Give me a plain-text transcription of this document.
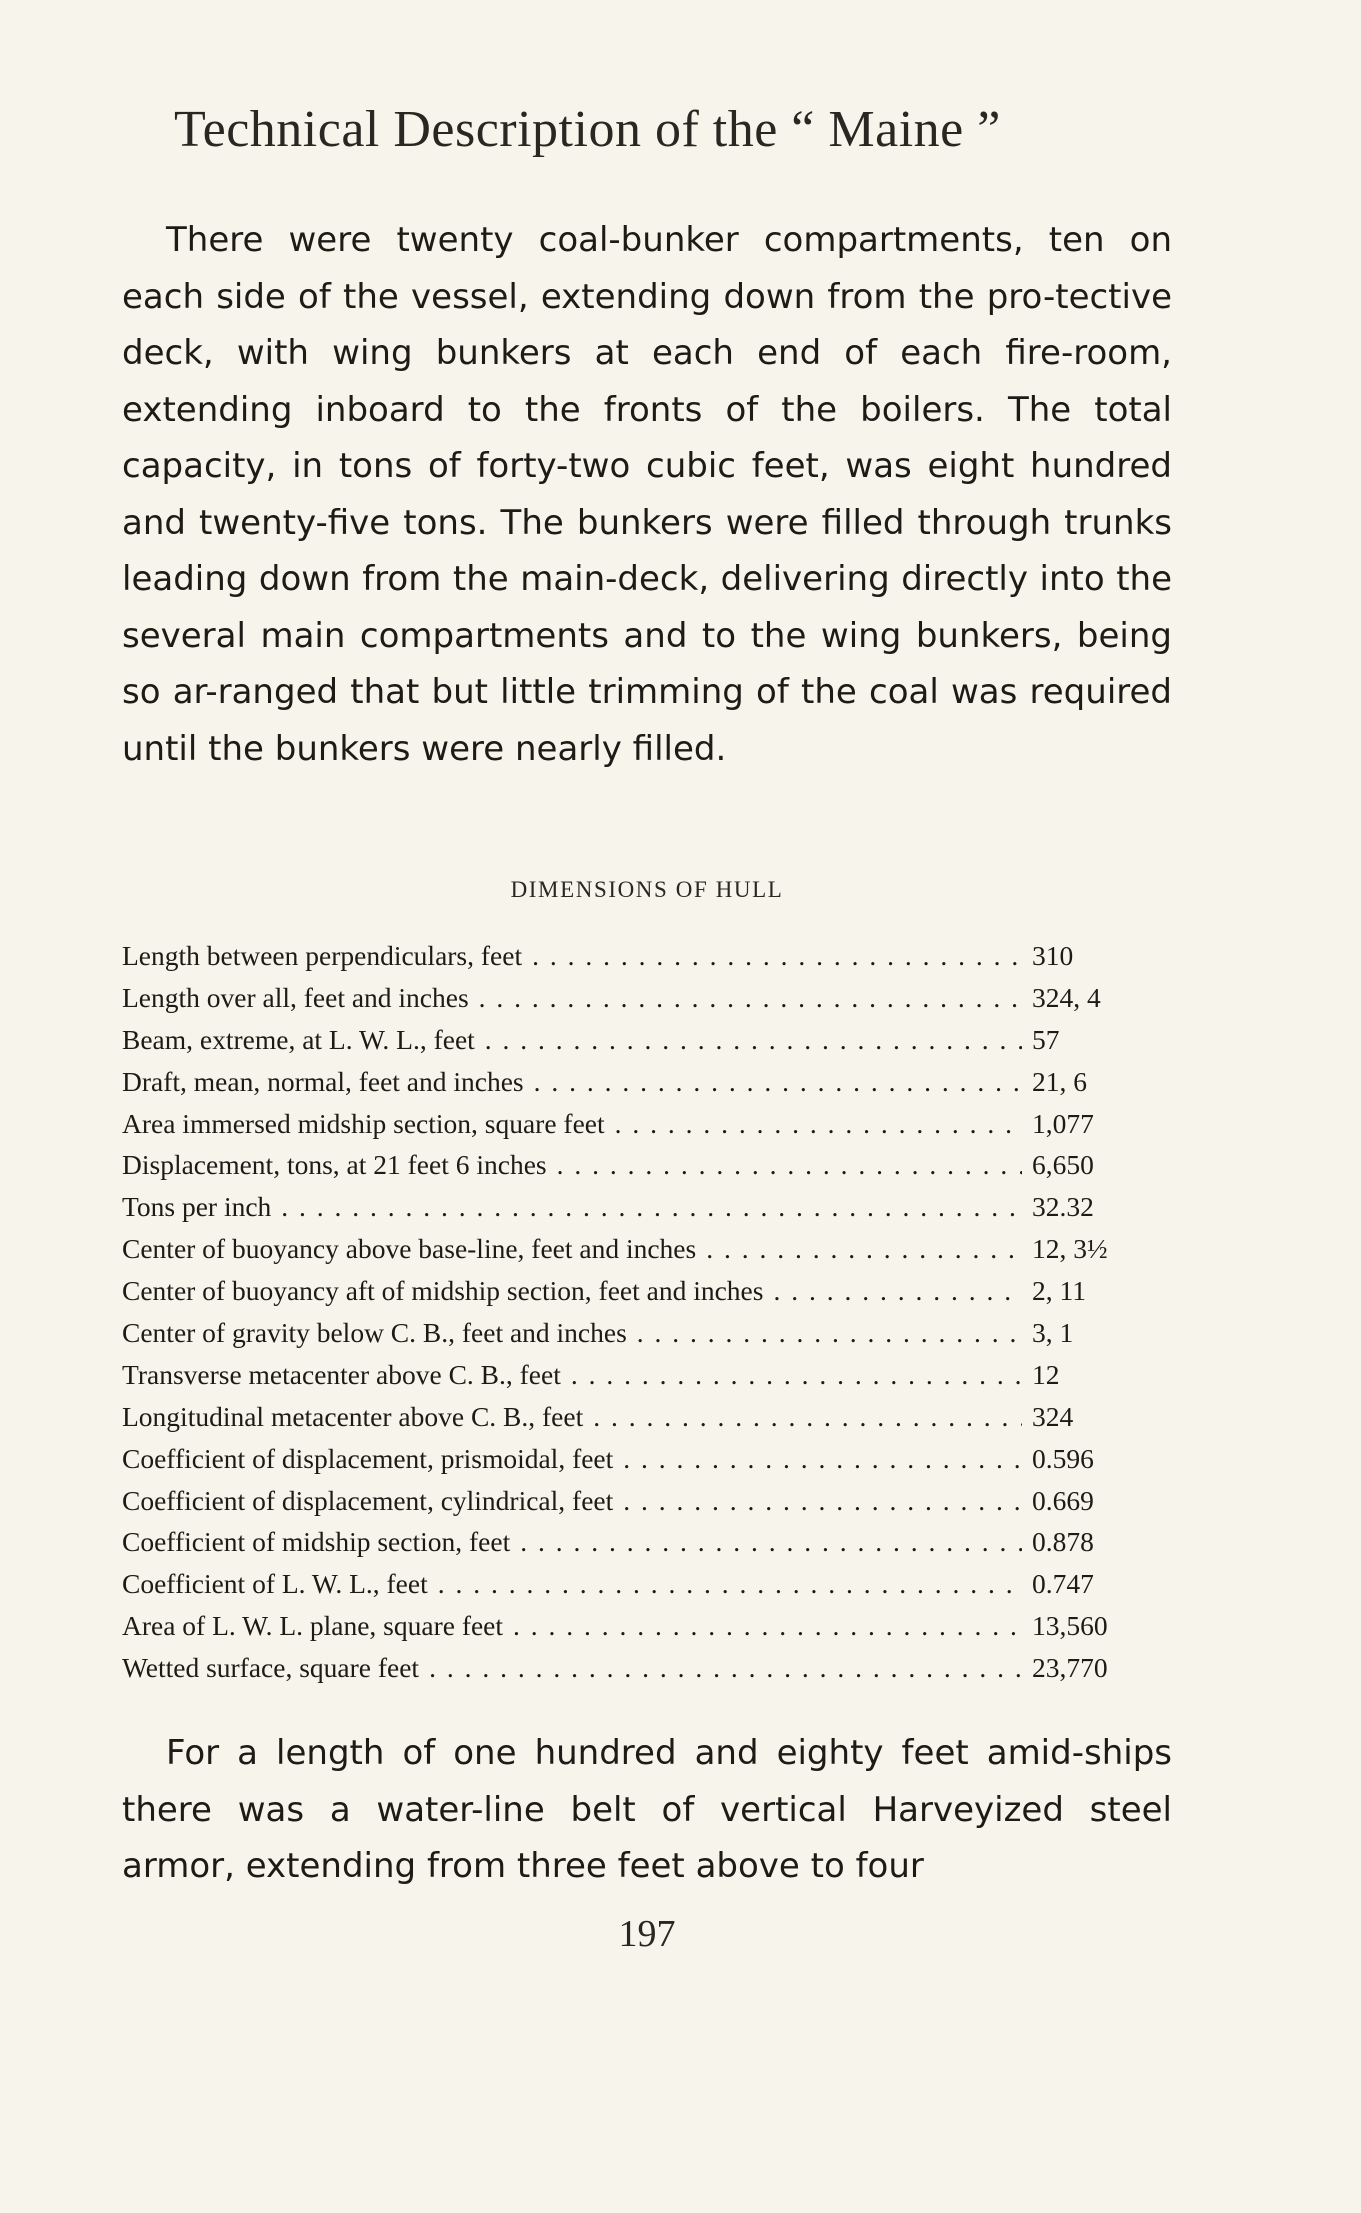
Technical Description of the “ Maine ”

There were twenty coal-bunker compartments, ten on each side of the vessel, extending down from the pro-tective deck, with wing bunkers at each end of each fire-room, extending inboard to the fronts of the boilers. The total capacity, in tons of forty-two cubic feet, was eight hundred and twenty-five tons. The bunkers were filled through trunks leading down from the main-deck, delivering directly into the several main compartments and to the wing bunkers, being so ar-ranged that but little trimming of the coal was required until the bunkers were nearly filled.

DIMENSIONS OF HULL
Length between perpendiculars, feet . . .	310
Length over all, feet and inches . . .	324, 4
Beam, extreme, at L. W. L., feet . . .	57
Draft, mean, normal, feet and inches . . .	21, 6
Area immersed midship section, square feet . . .	1,077
Displacement, tons, at 21 feet 6 inches . . .	6,650
Tons per inch . . .	32.32
Center of buoyancy above base-line, feet and inches . . .	12, 3½
Center of buoyancy aft of midship section, feet and inches . . .	2, 11
Center of gravity below C. B., feet and inches . . .	3, 1
Transverse metacenter above C. B., feet . . .	12
Longitudinal metacenter above C. B., feet . . .	324
Coefficient of displacement, prismoidal, feet . . .	0.596
Coefficient of displacement, cylindrical, feet . . .	0.669
Coefficient of midship section, feet . . .	0.878
Coefficient of L. W. L., feet . . .	0.747
Area of L. W. L. plane, square feet . . .	13,560
Wetted surface, square feet . . .	23,770

For a length of one hundred and eighty feet amid-ships there was a water-line belt of vertical Harveyized steel armor, extending from three feet above to four

197
